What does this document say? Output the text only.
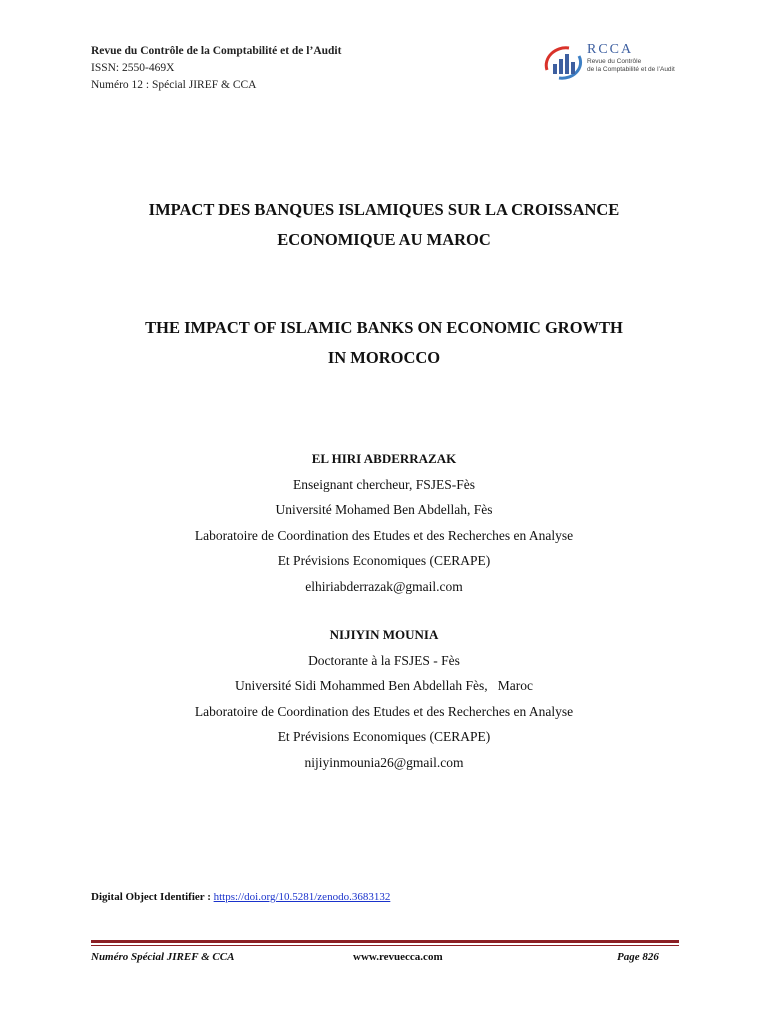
Revue du Contrôle de la Comptabilité et de l’Audit
ISSN: 2550-469X
Numéro 12 : Spécial JIREF & CCA
RCCA
Revue du Contrôle
de la Comptabilité et de l’Audit
IMPACT DES BANQUES ISLAMIQUES SUR LA CROISSANCE
ECONOMIQUE AU MAROC
THE IMPACT OF ISLAMIC BANKS ON ECONOMIC GROWTH
IN MOROCCO
EL HIRI ABDERRAZAK
Enseignant chercheur, FSJES-Fès
Université Mohamed Ben Abdellah, Fès
Laboratoire de Coordination des Etudes et des Recherches en Analyse
Et Prévisions Economiques (CERAPE)
elhiriabderrazak@gmail.com
NIJIYIN MOUNIA
Doctorante à la FSJES - Fès
Université Sidi Mohammed Ben Abdellah Fès,   Maroc
Laboratoire de Coordination des Etudes et des Recherches en Analyse
Et Prévisions Economiques (CERAPE)
nijiyinmounia26@gmail.com
Digital Object Identifier : https://doi.org/10.5281/zenodo.3683132
Numéro Spécial JIREF & CCA	www.revuecca.com	Page 826
